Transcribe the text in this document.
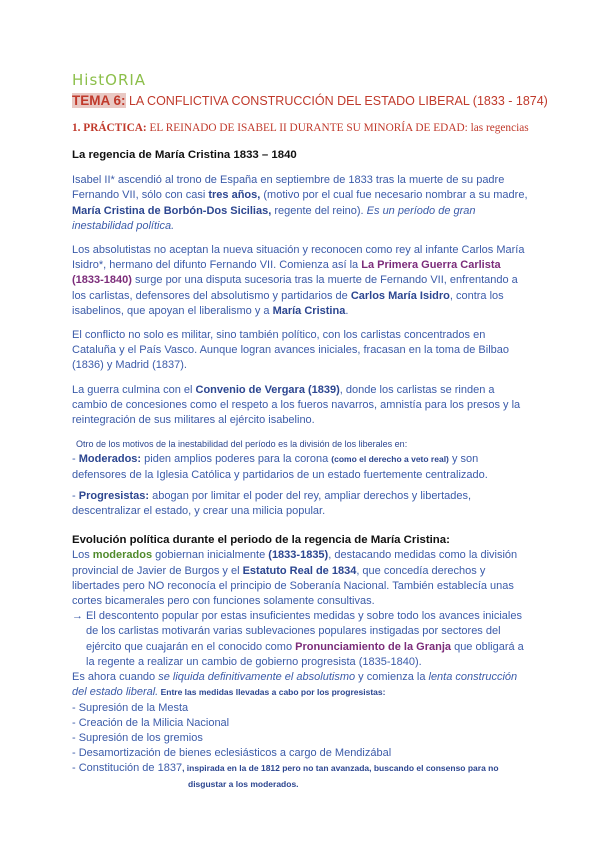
HistORIA
TEMA 6: LA CONFLICTIVA CONSTRUCCIÓN DEL ESTADO LIBERAL (1833 - 1874)
1. PRÁCTICA: EL REINADO DE ISABEL II DURANTE SU MINORÍA DE EDAD: las regencias
La regencia de María Cristina 1833 – 1840

Isabel II* ascendió al trono de España en septiembre de 1833 tras la muerte de su padre Fernando VII, sólo con casi tres años, (motivo por el cual fue necesario nombrar a su madre, María Cristina de Borbón-Dos Sicilias, regente del reino). Es un período de gran inestabilidad política.

Los absolutistas no aceptan la nueva situación y reconocen como rey al infante Carlos María Isidro*, hermano del difunto Fernando VII. Comienza así la La Primera Guerra Carlista (1833-1840) surge por una disputa sucesoria tras la muerte de Fernando VII, enfrentando a los carlistas, defensores del absolutismo y partidarios de Carlos María Isidro, contra los isabelinos, que apoyan el liberalismo y a María Cristina.

El conflicto no solo es militar, sino también político, con los carlistas concentrados en Cataluña y el País Vasco. Aunque logran avances iniciales, fracasan en la toma de Bilbao (1836) y Madrid (1837).

La guerra culmina con el Convenio de Vergara (1839), donde los carlistas se rinden a cambio de concesiones como el respeto a los fueros navarros, amnistía para los presos y la reintegración de sus militares al ejército isabelino.

Otro de los motivos de la inestabilidad del período es la división de los liberales en:
- Moderados: piden amplios poderes para la corona (como el derecho a veto real) y son defensores de la Iglesia Católica y partidarios de un estado fuertemente centralizado.

- Progresistas: abogan por limitar el poder del rey, ampliar derechos y libertades, descentralizar el estado, y crear una milicia popular.

Evolución política durante el periodo de la regencia de María Cristina:
Los moderados gobiernan inicialmente (1833-1835), destacando medidas como la división provincial de Javier de Burgos y el Estatuto Real de 1834, que concedía derechos y libertades pero NO reconocía el principio de Soberanía Nacional. También establecía unas cortes bicamerales pero con funciones solamente consultivas.
→ El descontento popular por estas insuficientes medidas y sobre todo los avances iniciales de los carlistas motivarán varias sublevaciones populares instigadas por sectores del ejército que cuajarán en el conocido como Pronunciamiento de la Granja que obligará a la regente a realizar un cambio de gobierno progresista (1835-1840).
Es ahora cuando se liquida definitivamente el absolutismo y comienza la lenta construcción del estado liberal. Entre las medidas llevadas a cabo por los progresistas:
- Supresión de la Mesta
- Creación de la Milicia Nacional
- Supresión de los gremios
- Desamortización de bienes eclesiásticos a cargo de Mendizábal
- Constitución de 1837, inspirada en la de 1812 pero no tan avanzada, buscando el consenso para no
disgustar a los moderados.
